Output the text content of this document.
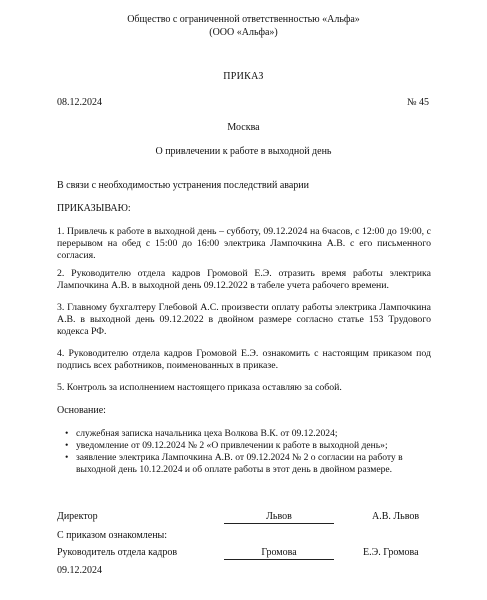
Общество с ограниченной ответственностью «Альфа»
(ООО «Альфа»)
ПРИКАЗ
08.12.2024	№ 45
Москва
О привлечении к работе в выходной день
В связи с необходимостью устранения последствий аварии
ПРИКАЗЫВАЮ:
1. Привлечь к работе в выходной день – субботу, 09.12.2024 на 6часов, с 12:00 до 19:00, с перерывом на обед с 15:00 до 16:00 электрика Лампочкина А.В. с его письменного согласия.
2. Руководителю отдела кадров Громовой Е.Э. отразить время работы электрика Лампочкина А.В. в выходной день 09.12.2022 в табеле учета рабочего времени.
3. Главному бухгалтеру Глебовой А.С. произвести оплату работы электрика Лампочкина А.В. в выходной день 09.12.2022 в двойном размере согласно статье 153 Трудового кодекса РФ.
4. Руководителю отдела кадров Громовой Е.Э. ознакомить с настоящим приказом под подпись всех работников, поименованных в приказе.
5. Контроль за исполнением настоящего приказа оставляю за собой.
Основание:
• служебная записка начальника цеха Волкова В.К. от 09.12.2024;
• уведомление от 09.12.2024 № 2 «О привлечении к работе в выходной день»;
• заявление электрика Лампочкина А.В. от 09.12.2024 № 2 о согласии на работу в выходной день 10.12.2024 и об оплате работы в этот день в двойном размере.
Директор	Львов	А.В. Львов
С приказом ознакомлены:
Руководитель отдела кадров	Громова	Е.Э. Громова
09.12.2024
